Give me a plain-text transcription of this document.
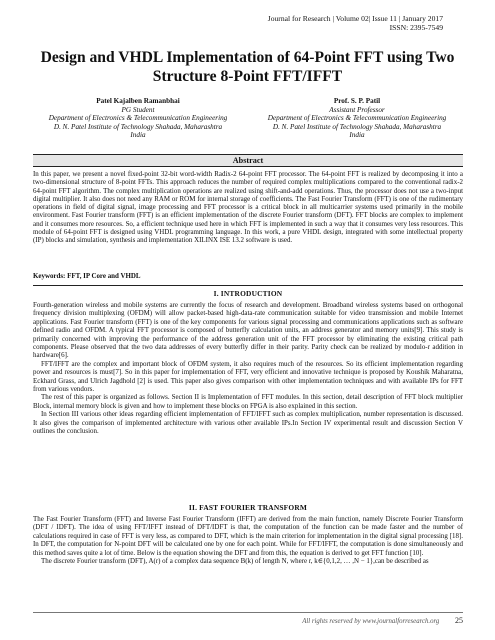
Journal for Research | Volume 02| Issue 11 | January 2017
ISSN: 2395-7549
Design and VHDL Implementation of 64-Point FFT using Two Structure 8-Point FFT/IFFT
Patel Kajalben Ramanbhai
PG Student
Department of Electronics & Telecommunication Engineering
D. N. Patel Institute of Technology Shahada, Maharashtra
India
Prof. S. P. Patil
Assistant Professor
Department of Electronics & Telecommunication Engineering
D. N. Patel Institute of Technology Shahada, Maharashtra
India
Abstract

In this paper, we present a novel fixed-point 32-bit word-width Radix-2 64-point FFT processor. The 64-point FFT is realized by decomposing it into a two-dimensional structure of 8-point FFTs. This approach reduces the number of required complex multiplications compared to the conventional radix-2 64-point FFT algorithm. The complex multiplication operations are realized using shift-and-add operations. Thus, the processor does not use a two-input digital multiplier. It also does not need any RAM or ROM for internal storage of coefficients. The Fast Fourier Transform (FFT) is one of the rudimentary operations in field of digital signal, image processing and FFT processor is a critical block in all multicarrier systems used primarily in the mobile environment. Fast Fourier transform (FFT) is an efficient implementation of the discrete Fourier transform (DFT). FFT blocks are complex to implement and it consumes more resources. So, a efficient technique used here in which FFT is implemented in such a way that it consumes very less resources. This module of 64-point FFT is designed using VHDL programming language. In this work, a pure VHDL design, integrated with some intellectual property (IP) blocks and simulation, synthesis and implementation XILINX ISE 13.2 software is used.

Keywords: FFT, IP Core and VHDL
I. INTRODUCTION

Fourth-generation wireless and mobile systems are currently the focus of research and development. Broadband wireless systems based on orthogonal frequency division multiplexing (OFDM) will allow packet-based high-data-rate communication suitable for video transmission and mobile Internet applications. Fast Fourier transform (FFT) is one of the key components for various signal processing and communications applications such as software defined radio and OFDM. A typical FFT processor is composed of butterfly calculation units, an address generator and memory units[9]. This study is primarily concerned with improving the performance of the address generation unit of the FFT processor by eliminating the existing critical path components. Please observed that the two data addresses of every butterfly differ in their parity. Parity check can be realized by modulo-r addition in hardware[6].

FFT/IFFT are the complex and important block of OFDM system, it also requires much of the resources. So its efficient implementation regarding power and resources is must[7]. So in this paper for implementation of FFT, very efficient and innovative technique is proposed by Koushik Maharatna, Eckhard Grass, and Ulrich Jagdhold [2] is used. This paper also gives comparison with other implementation techniques and with available IPs for FFT from various vendors.

The rest of this paper is organized as follows. Section II is Implementation of FFT modules. In this section, detail description of FFT block multiplier Block, internal memory block is given and how to implement these blocks on FPGA is also explained in this section.

In Section III various other ideas regarding efficient implementation of FFT/IFFT such as complex multiplication, number representation is discussed. It also gives the comparison of implemented architecture with various other available IPs.In Section IV experimental result and discussion Section V outlines the conclusion.

II. FAST FOURIER TRANSFORM

The Fast Fourier Transform (FFT) and Inverse Fast Fourier Transform (IFFT) are derived from the main function, namely Discrete Fourier Transform (DFT / IDFT). The idea of using FFT/IFFT instead of DFT/IDFT is that, the computation of the function can be made faster and the number of calculations required in case of FFT is very less, as compared to DFT, which is the main criterion for implementation in the digital signal processing [18]. In DFT, the computation for N-point DFT will be calculated one by one for each point. While for FFT/IFFT, the computation is done simultaneously and this method saves quite a lot of time. Below is the equation showing the DFT and from this, the equation is derived to get FFT function [10].

The discrete Fourier transform (DFT), A(r) of a complex data sequence B(k) of length N, where r, k∈{0,1,2, … ,N − 1},can be described as

All rights reserved by www.journalforresearch.org 25
